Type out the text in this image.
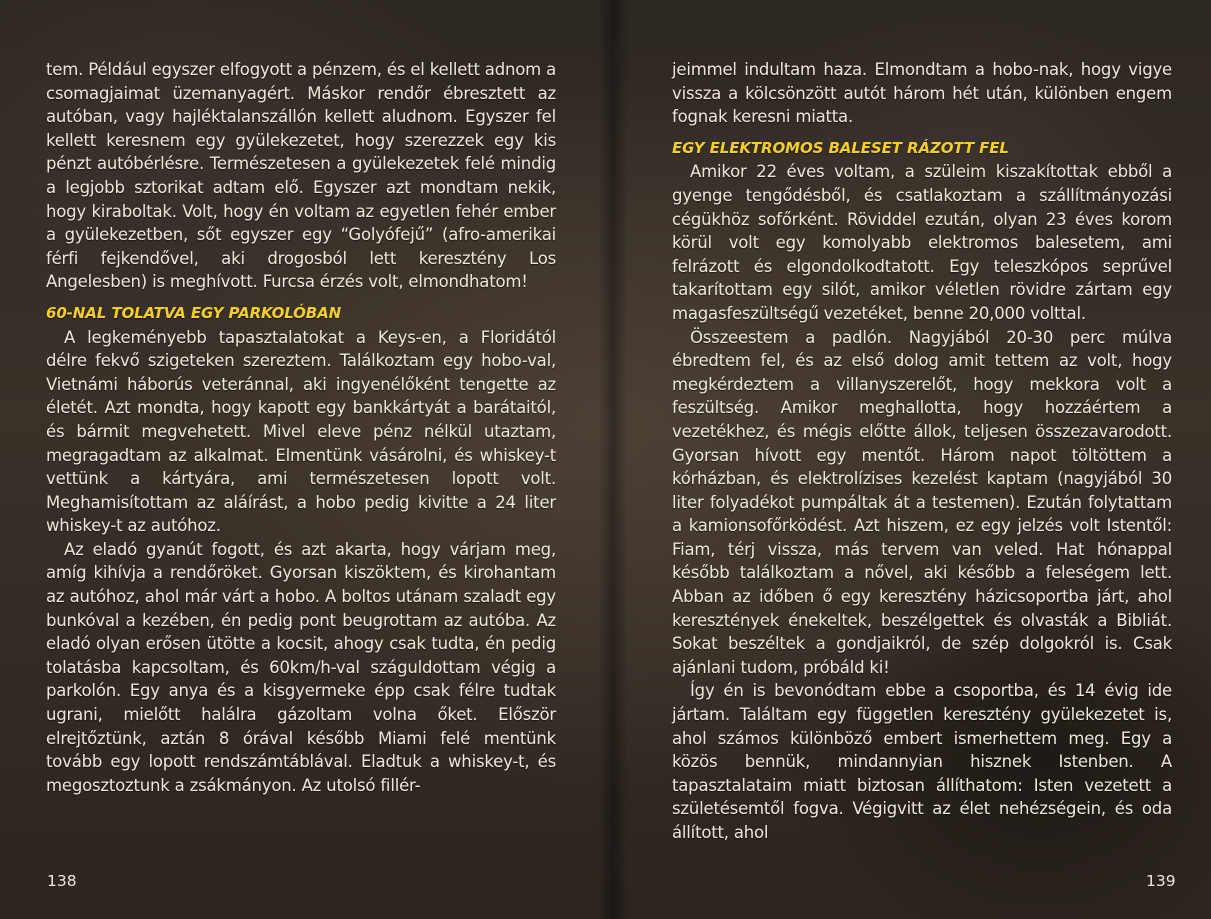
tem. Például egyszer elfogyott a pénzem, és el kellett adnom a csomagjaimat üzemanyagért. Máskor rendőr ébresztett az autóban, vagy hajléktalanszállón kellett aludnom. Egyszer fel kellett keresnem egy gyülekezetet, hogy szerezzek egy kis pénzt autóbérlésre. Természetesen a gyülekezetek felé mindig a legjobb sztorikat adtam elő. Egyszer azt mondtam nekik, hogy kiraboltak. Volt, hogy én voltam az egyetlen fehér ember a gyülekezetben, sőt egyszer egy “Golyófejű” (afro-amerikai férfi fejkendővel, aki drogosból lett keresztény Los Angelesben) is meghívott. Furcsa érzés volt, elmondhatom!

60-NAL TOLATVA EGY PARKOLÓBAN

A legkeményebb tapasztalatokat a Keys-en, a Floridától délre fekvő szigeteken szereztem. Találkoztam egy hobo-val, Vietnámi háborús veteránnal, aki ingyenélőként tengette az életét. Azt mondta, hogy kapott egy bankkártyát a barátaitól, és bármit megvehetett. Mivel eleve pénz nélkül utaztam, megragadtam az alkalmat. Elmentünk vásárolni, és whiskey-t vettünk a kártyára, ami természetesen lopott volt. Meghamisítottam az aláírást, a hobo pedig kivitte a 24 liter whiskey-t az autóhoz.

Az eladó gyanút fogott, és azt akarta, hogy várjam meg, amíg kihívja a rendőröket. Gyorsan kiszöktem, és kirohantam az autóhoz, ahol már várt a hobo. A boltos utánam szaladt egy bunkóval a kezében, én pedig pont beugrottam az autóba. Az eladó olyan erősen ütötte a kocsit, ahogy csak tudta, én pedig tolatásba kapcsoltam, és 60km/h-val száguldottam végig a parkolón. Egy anya és a kisgyermeke épp csak félre tudtak ugrani, mielőtt halálra gázoltam volna őket. Először elrejtőztünk, aztán 8 órával később Miami felé mentünk tovább egy lopott rendszámtáblával. Eladtuk a whiskey-t, és megosztoztunk a zsákmányon. Az utolsó fillér-

jeimmel indultam haza. Elmondtam a hobo-nak, hogy vigye vissza a kölcsönzött autót három hét után, különben engem fognak keresni miatta.

EGY ELEKTROMOS BALESET RÁZOTT FEL

Amikor 22 éves voltam, a szüleim kiszakítottak ebből a gyenge tengődésből, és csatlakoztam a szállítmányozási cégükhöz sofőrként. Röviddel ezután, olyan 23 éves korom körül volt egy komolyabb elektromos balesetem, ami felrázott és elgondolkodtatott. Egy teleszkópos seprűvel takarítottam egy silót, amikor véletlen rövidre zártam egy magasfeszültségű vezetéket, benne 20,000 volttal.

Összeestem a padlón. Nagyjából 20-30 perc múlva ébredtem fel, és az első dolog amit tettem az volt, hogy megkérdeztem a villanyszerelőt, hogy mekkora volt a feszültség. Amikor meghallotta, hogy hozzáértem a vezetékhez, és mégis előtte állok, teljesen összezavarodott. Gyorsan hívott egy mentőt. Három napot töltöttem a kórházban, és elektrolízises kezelést kaptam (nagyjából 30 liter folyadékot pumpáltak át a testemen). Ezután folytattam a kamionsofőrködést. Azt hiszem, ez egy jelzés volt Istentől: Fiam, térj vissza, más tervem van veled. Hat hónappal később találkoztam a nővel, aki később a feleségem lett. Abban az időben ő egy keresztény házicsoportba járt, ahol keresztények énekeltek, beszélgettek és olvasták a Bibliát. Sokat beszéltek a gondjaikról, de szép dolgokról is. Csak ajánlani tudom, próbáld ki!

Így én is bevonódtam ebbe a csoportba, és 14 évig ide jártam. Találtam egy független keresztény gyülekezetet is, ahol számos különböző embert ismerhettem meg. Egy a közös bennük, mindannyian hisznek Istenben. A tapasztalataim miatt biztosan állíthatom: Isten vezetett a születésemtől fogva. Végigvitt az élet nehézségein, és oda állított, ahol

138	139
